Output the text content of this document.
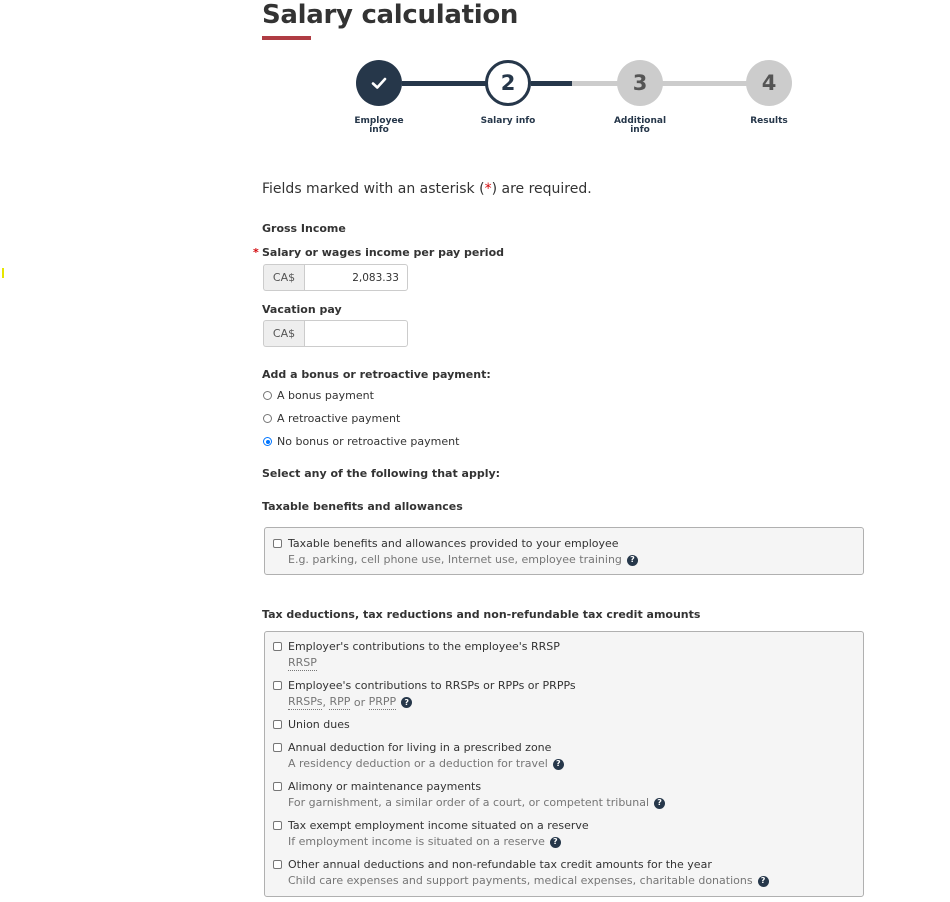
Salary calculation
2	3	4
Employee
info
Salary info	Additional
info
Results
Fields marked with an asterisk (*) are required.
Gross Income
* Salary or wages income per pay period
CA$
2,083.33
Vacation pay
CA$
Add a bonus or retroactive payment:
A bonus payment
A retroactive payment
No bonus or retroactive payment
Select any of the following that apply:
Taxable benefits and allowances
Taxable benefits and allowances provided to your employee
E.g. parking, cell phone use, Internet use, employee training	?
Tax deductions, tax reductions and non-refundable tax credit amounts
Employer's contributions to the employee's RRSP
RRSP
Employee's contributions to RRSPs or RPPs or PRPPs
RRSPs , RPP or PRPP	?
Union dues
Annual deduction for living in a prescribed zone
A residency deduction or a deduction for travel	?
Alimony or maintenance payments
For garnishment, a similar order of a court, or competent tribunal	?
Tax exempt employment income situated on a reserve
If employment income is situated on a reserve	?
Other annual deductions and non-refundable tax credit amounts for the year
Child care expenses and support payments, medical expenses, charitable donations	?
